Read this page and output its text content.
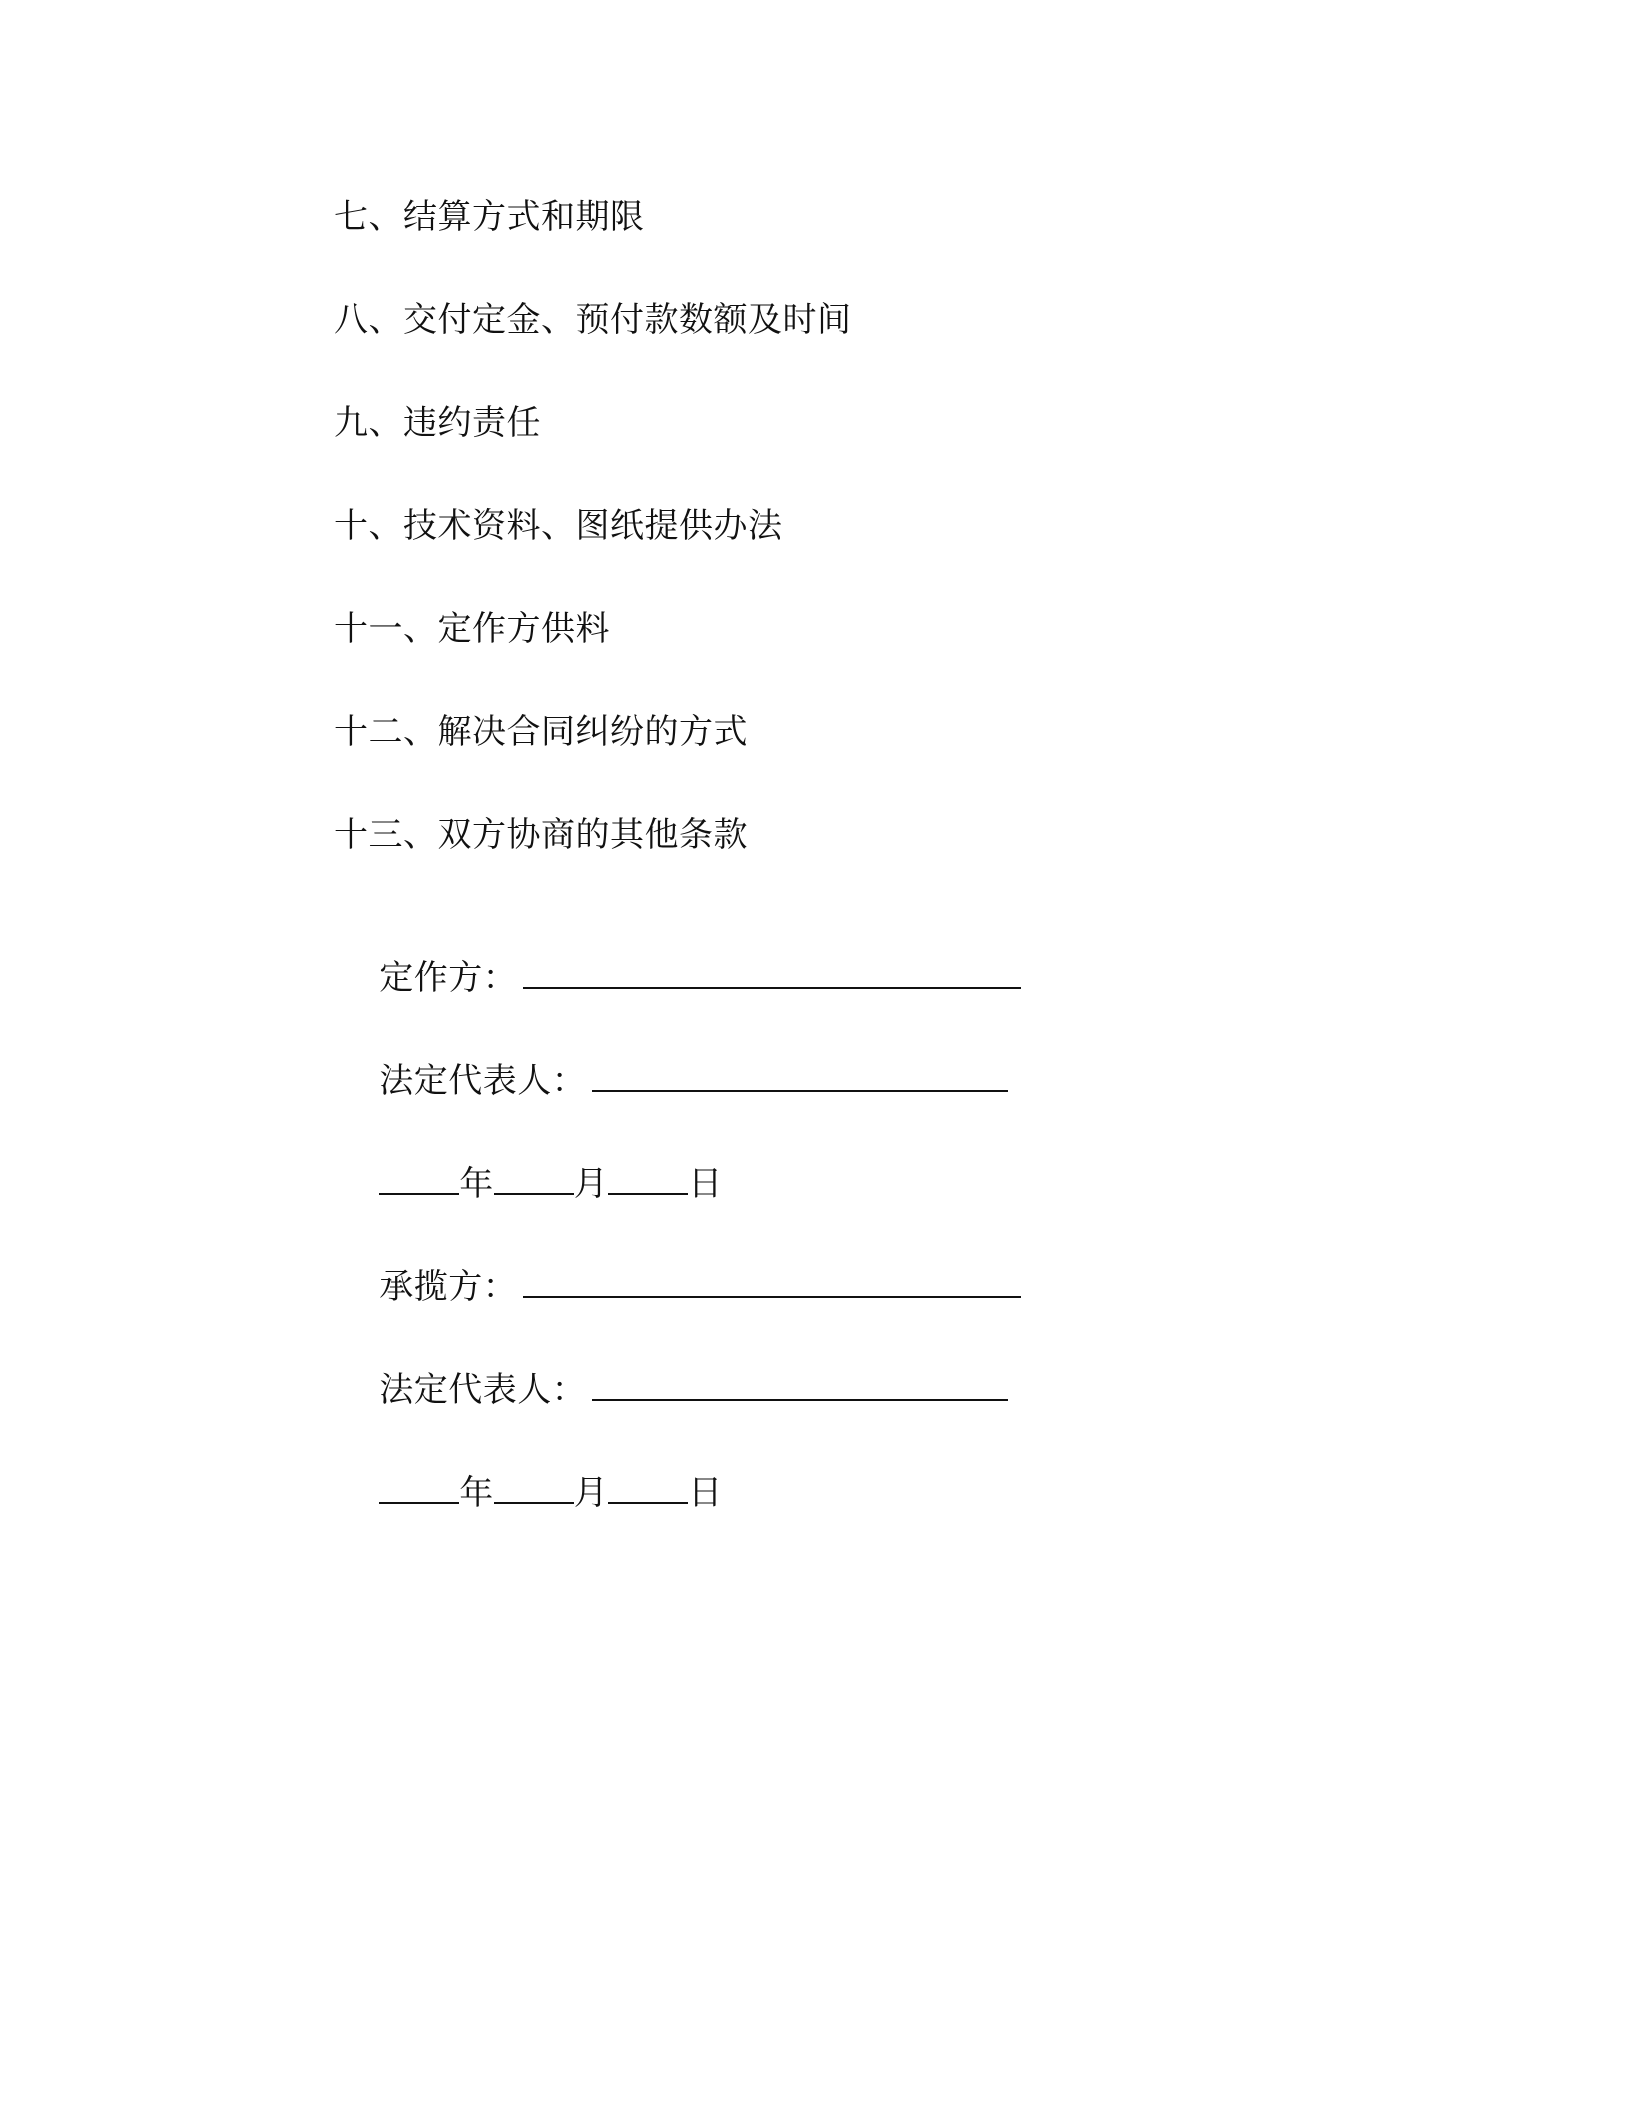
七、结算方式和期限
八、交付定金、预付款数额及时间
九、违约责任
十、技术资料、图纸提供办法
十一、定作方供料
十二、解决合同纠纷的方式
十三、双方协商的其他条款

定作方：

法定代表人：

年 月 日

承揽方：

法定代表人：

年 月 日
